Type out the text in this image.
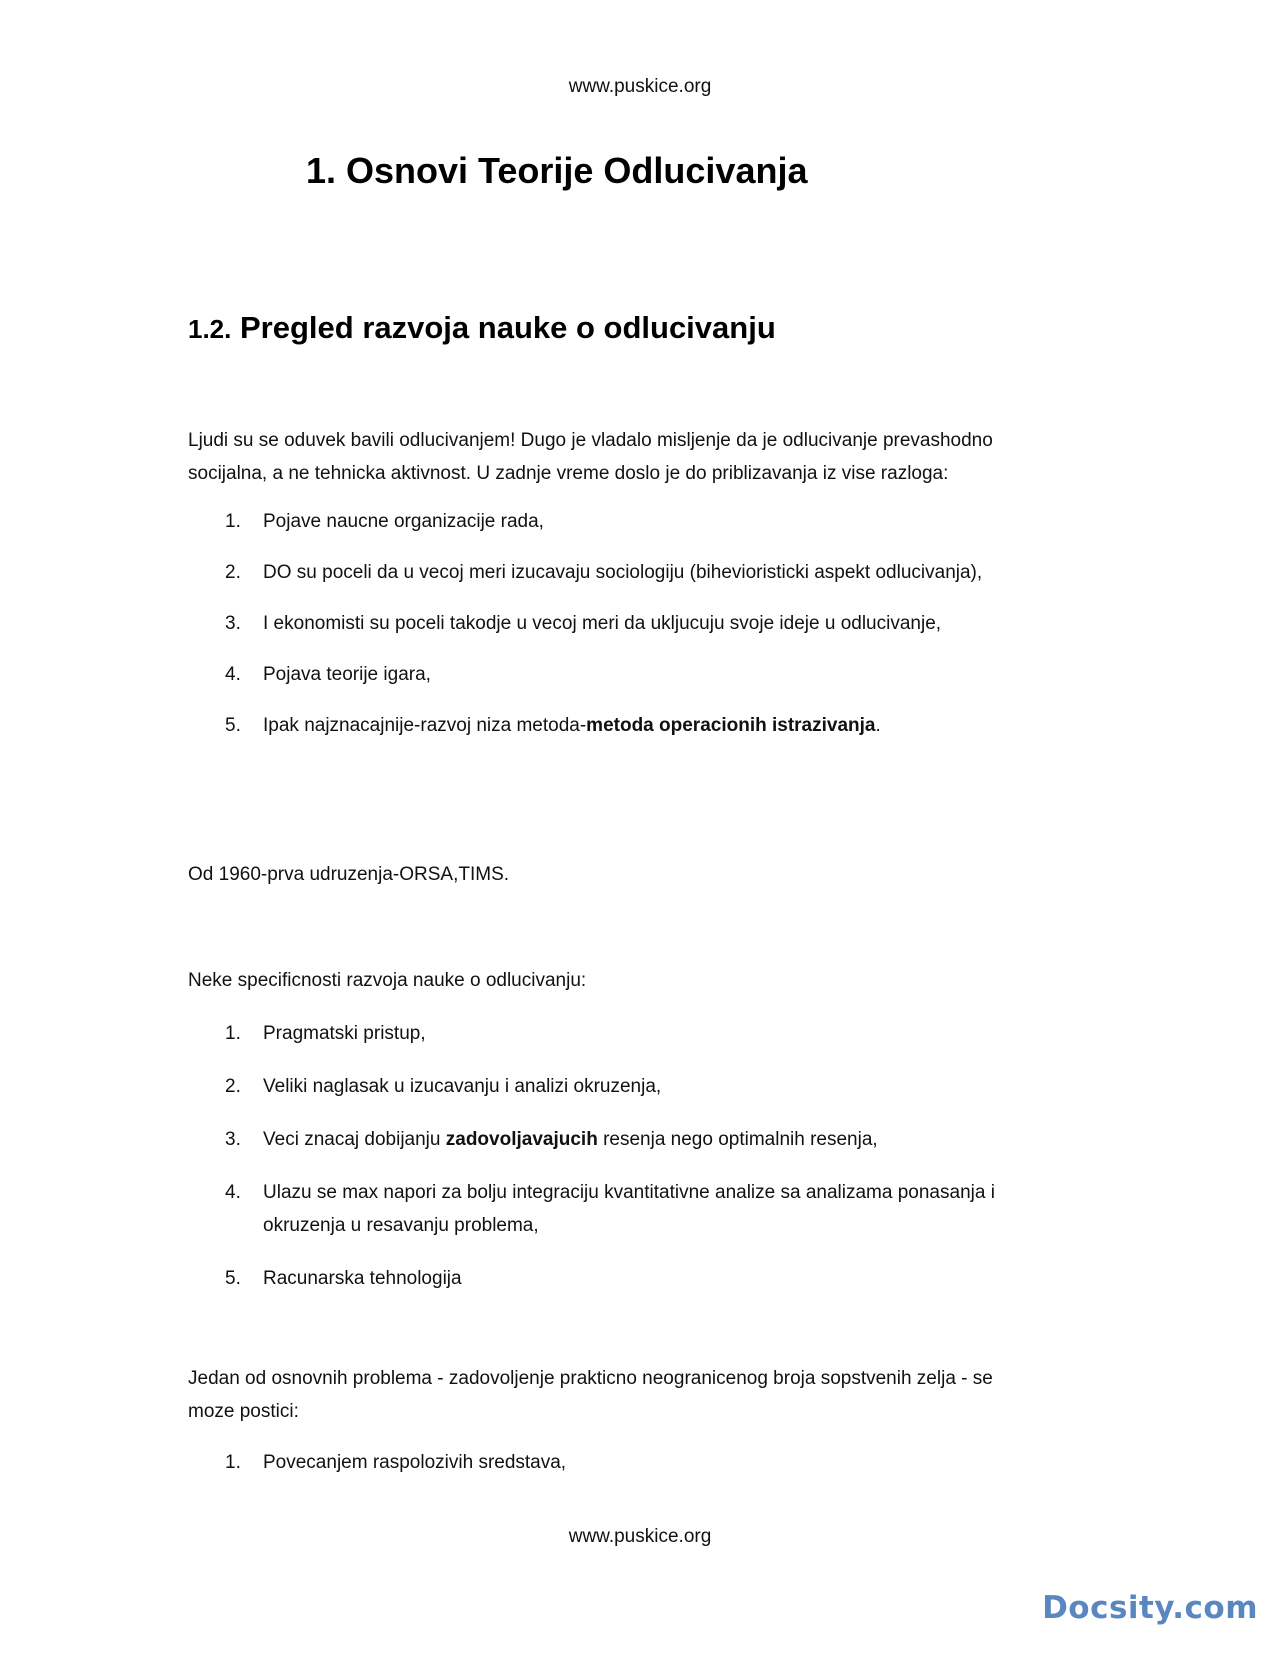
www.puskice.org
1. Osnovi Teorije Odlucivanja
1.2. Pregled razvoja nauke o odlucivanju

Ljudi su se oduvek bavili odlucivanjem! Dugo je vladalo misljenje da je odlucivanje prevashodno

socijalna, a ne tehnicka aktivnost. U zadnje vreme doslo je do priblizavanja iz vise razloga:

1. Pojave naucne organizacije rada,
2. DO su poceli da u vecoj meri izucavaju sociologiju (bihevioristicki aspekt odlucivanja),
3. I ekonomisti su poceli takodje u vecoj meri da ukljucuju svoje ideje u odlucivanje,
4. Pojava teorije igara,
5. Ipak najznacajnije-razvoj niza metoda-metoda operacionih istrazivanja.

Od 1960-prva udruzenja-ORSA,TIMS.

Neke specificnosti razvoja nauke o odlucivanju:

1. Pragmatski pristup,
2. Veliki naglasak u izucavanju i analizi okruzenja,
3. Veci znacaj dobijanju zadovoljavajucih resenja nego optimalnih resenja,
4. Ulazu se max napori za bolju integraciju kvantitativne analize sa analizama ponasanja i
okruzenja u resavanju problema,
5. Racunarska tehnologija

Jedan od osnovnih problema - zadovoljenje prakticno neogranicenog broja sopstvenih zelja - se

moze postici:

1. Povecanjem raspolozivih sredstava,
www.puskice.org
Docsity.com
